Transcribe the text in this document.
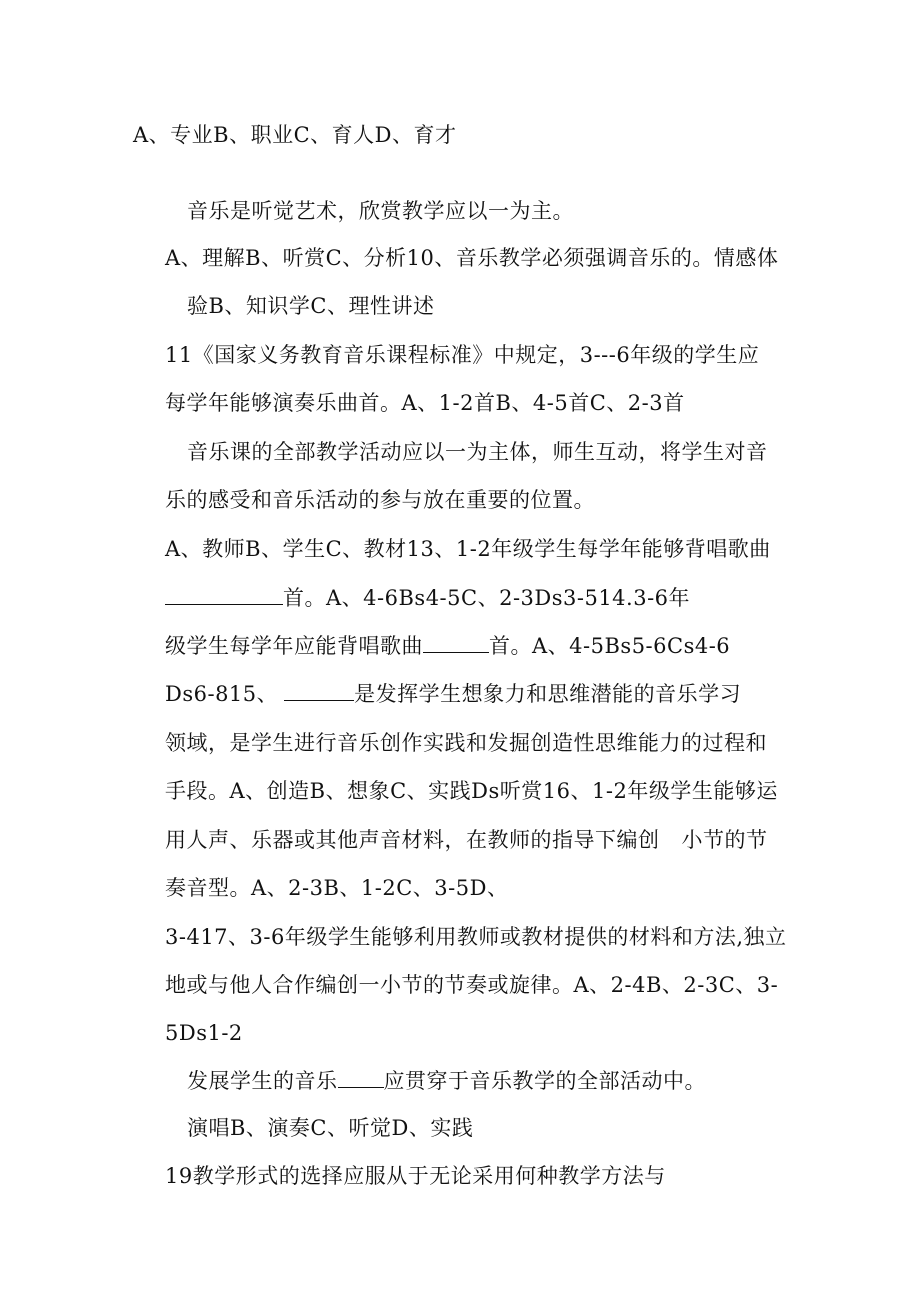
A、专业B、职业C、育人D、育才
音乐是听觉艺术，欣赏教学应以一为主。
A、理解B、听赏C、分析10、音乐教学必须强调音乐的。情感体
验B、知识学C、理性讲述
11《国家义务教育音乐课程标准》中规定，3---6年级的学生应
每学年能够演奏乐曲首。A、1-2首B、4-5首C、2-3首
音乐课的全部教学活动应以一为主体，师生互动，将学生对音
乐的感受和音乐活动的参与放在重要的位置。
A、教师B、学生C、教材13、1-2年级学生每学年能够背唱歌曲
首。A、4-6Bs4-5C、2-3Ds3-514.3-6年
级学生每学年应能背唱歌曲	首。A、4-5Bs5-6Cs4-6
Ds6-815、	是发挥学生想象力和思维潜能的音乐学习
领域，是学生进行音乐创作实践和发掘创造性思维能力的过程和
手段。A、创造B、想象C、实践Ds听赏16、1-2年级学生能够运
用人声、乐器或其他声音材料，在教师的指导下编创 小节的节
奏音型。A、2-3B、1-2C、3-5D、
3-417、3-6年级学生能够利用教师或教材提供的材料和方法,独立
地或与他人合作编创一小节的节奏或旋律。A、2-4B、2-3C、3-
5Ds1-2
发展学生的音乐 应贯穿于音乐教学的全部活动中。
演唱B、演奏C、听觉D、实践
19教学形式的选择应服从于无论采用何种教学方法与
